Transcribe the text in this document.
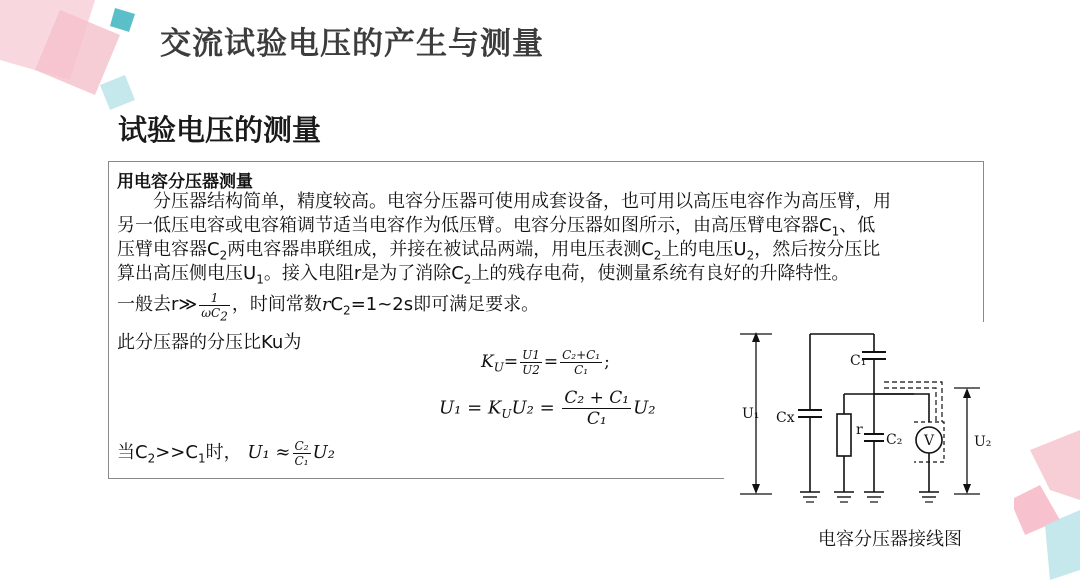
交流试验电压的产生与测量
试验电压的测量
用电容分压器测量
分压器结构简单，精度较高。电容分压器可使用成套设备，也可用以高压电容作为高压臂，用
另一低压电容或电容箱调节适当电容作为低压臂。电容分压器如图所示，由高压臂电容器$C_1$、低
压臂电容器$C_2$两电容器串联组成，并接在被试品两端，用电压表测$C_2$上的电压$U_2$，然后按分压比
算出高压侧电压$U_1$。接入电阻r是为了消除$C_2$上的残存电荷，使测量系统有良好的升降特性。
一般去r≫ $\frac{1}{\omega C_2}$ ，时间常数$rC_2=1\sim 2s$即可满足要求。
此分压器的分压比Ku为
$K_U= \frac{U1}{U2} = \frac{\text{C₂+C₁}}{\text{C₁}}$ ;
$U_1 = K_UU_2 = \frac{\text{C₂ + C₁}}{\text{C₁}} U_2$
当$C_2>>C_1$时， $U_1 \approx \frac{\text{C₂}}{\text{C₁}} U_2$
U₁ Cx
C₁
r
C₂ V	U₂
电容分压器接线图
